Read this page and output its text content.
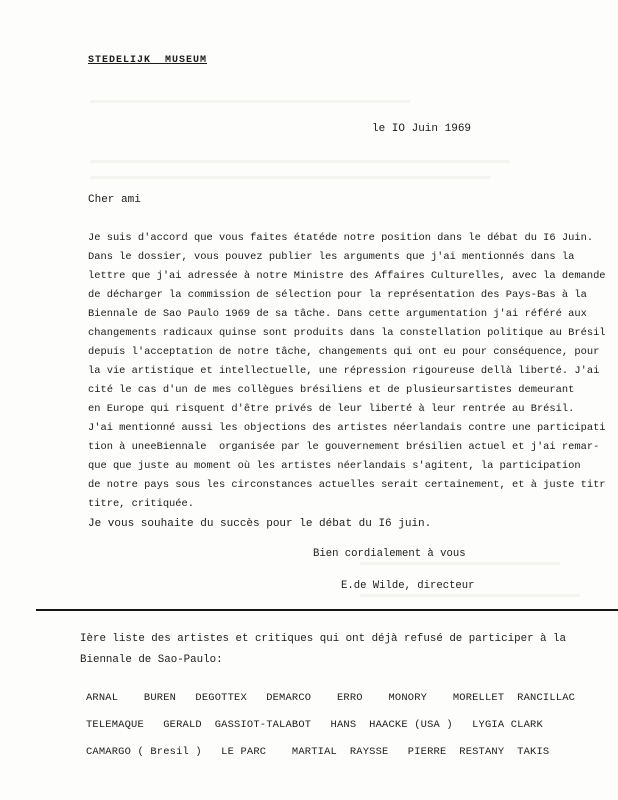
STEDELIJK  MUSEUM
le IO Juin 1969
Cher ami
Je suis d'accord que vous faites étatéde notre position dans le débat du I6 Juin.
Dans le dossier, vous pouvez publier les arguments que j'ai mentionnés dans la
lettre que j'ai adressée à notre Ministre des Affaires Culturelles, avec la demande
de décharger la commission de sélection pour la représentation des Pays-Bas à la
Biennale de Sao Paulo 1969 de sa tâche. Dans cette argumentation j'ai référé aux
changements radicaux quinse sont produits dans la constellation politique au Brésil
depuis l'acceptation de notre tâche, changements qui ont eu pour conséquence, pour
la vie artistique et intellectuelle, une répression rigoureuse dellà liberté. J'ai
cité le cas d'un de mes collègues brésiliens et de plusieursartistes demeurant
en Europe qui risquent d'être privés de leur liberté à leur rentrée au Brésil.
J'ai mentionné aussi les objections des artistes néerlandais contre une participati
tion à uneeBiennale  organisée par le gouvernement brésilien actuel et j'ai remar-
que que juste au moment où les artistes néerlandais s'agitent, la participation
de notre pays sous les circonstances actuelles serait certainement, et à juste titr
titre, critiquée.
Je vous souhaite du succès pour le débat du I6 juin.
Bien cordialement à vous
E.de Wilde, directeur
Ière liste des artistes et critiques qui ont déjà refusé de participer à la
Biennale de Sao-Paulo:
ARNAL    BUREN   DEGOTTEX   DEMARCO    ERRO    MONORY    MORELLET  RANCILLAC
TELEMAQUE   GERALD  GASSIOT-TALABOT   HANS  HAACKE (USA )   LYGIA CLARK
CAMARGO ( Bresil )   LE PARC    MARTIAL  RAYSSE   PIERRE  RESTANY  TAKIS
